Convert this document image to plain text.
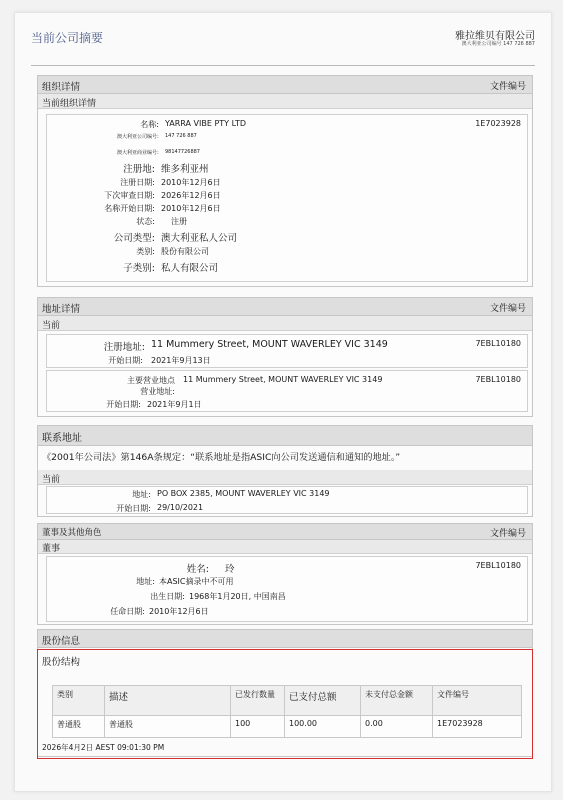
当前公司摘要	雅拉维贝有限公司
澳大利亚公司编号 147 726 887
组织详情	文件编号
当前组织详情
名称: YARRA VIBE PTY LTD	1E7023928
澳大利亚公司编号: 147 726 887
澳大利亚商业编号: 98147726887
注册地: 维多利亚州
注册日期: 2010年12月6日
下次审查日期: 2026年12月6日
名称开始日期: 2010年12月6日
状态: 注册
公司类型: 澳大利亚私人公司
类别: 股份有限公司
子类别: 私人有限公司
地址详情	文件编号
当前
注册地址: 11 Mummery Street, MOUNT WAVERLEY VIC 3149	7EBL10180
开始日期: 2021年9月13日
主要营业地点
营业地址:
11 Mummery Street, MOUNT WAVERLEY VIC 3149	7EBL10180
开始日期: 2021年9月1日
联系地址
《2001年公司法》第146A条规定：“联系地址是指ASIC向公司发送通信和通知的地址。”
当前
地址: PO BOX 2385, MOUNT WAVERLEY VIC 3149
开始日期: 29/10/2021
董事及其他角色	文件编号
董事
姓名: 玲	7EBL10180
地址: 本ASIC摘录中不可用
出生日期: 1968年1月20日, 中国南昌
任命日期: 2010年12月6日
股份信息
股份结构
类别	描述	已发行数量	已支付总额	未支付总金额	文件编号
普通股	普通股	100	100.00	0.00	1E7023928
2026年4月2日 AEST 09:01:30 PM
